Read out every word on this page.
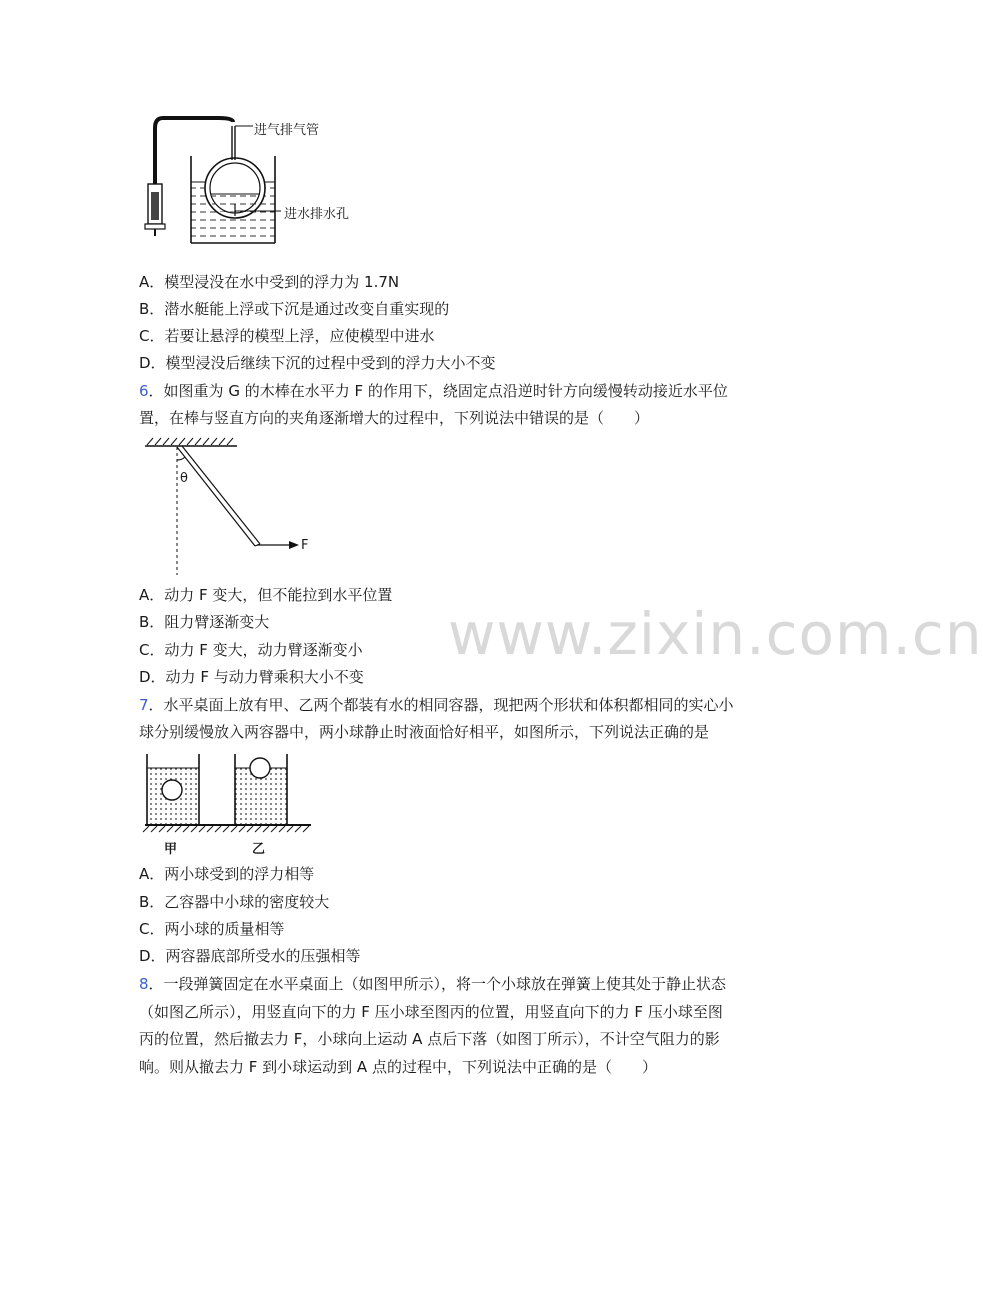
进气排气管
进水排水孔
A．模型浸没在水中受到的浮力为 1.7N
B．潜水艇能上浮或下沉是通过改变自重实现的
C．若要让悬浮的模型上浮，应使模型中进水
D．模型浸没后继续下沉的过程中受到的浮力大小不变
6．如图重为 G 的木棒在水平力 F 的作用下，绕固定点沿逆时针方向缓慢转动接近水平位
置，在棒与竖直方向的夹角逐渐增大的过程中，下列说法中错误的是（　　）
θ
F
A．动力 F 变大，但不能拉到水平位置
B．阻力臂逐渐变大
C．动力 F 变大，动力臂逐渐变小
D．动力 F 与动力臂乘积大小不变
7．水平桌面上放有甲、乙两个都装有水的相同容器，现把两个形状和体积都相同的实心小
球分别缓慢放入两容器中，两小球静止时液面恰好相平，如图所示，下列说法正确的是
甲	乙
A．两小球受到的浮力相等
B．乙容器中小球的密度较大
C．两小球的质量相等
D．两容器底部所受水的压强相等
8．一段弹簧固定在水平桌面上（如图甲所示），将一个小球放在弹簧上使其处于静止状态
（如图乙所示），用竖直向下的力 F 压小球至图丙的位置，用竖直向下的力 F 压小球至图
丙的位置，然后撤去力 F，小球向上运动 A 点后下落（如图丁所示），不计空气阻力的影
响。则从撤去力 F 到小球运动到 A 点的过程中，下列说法中正确的是（　　）
www.zixin.com.cn
